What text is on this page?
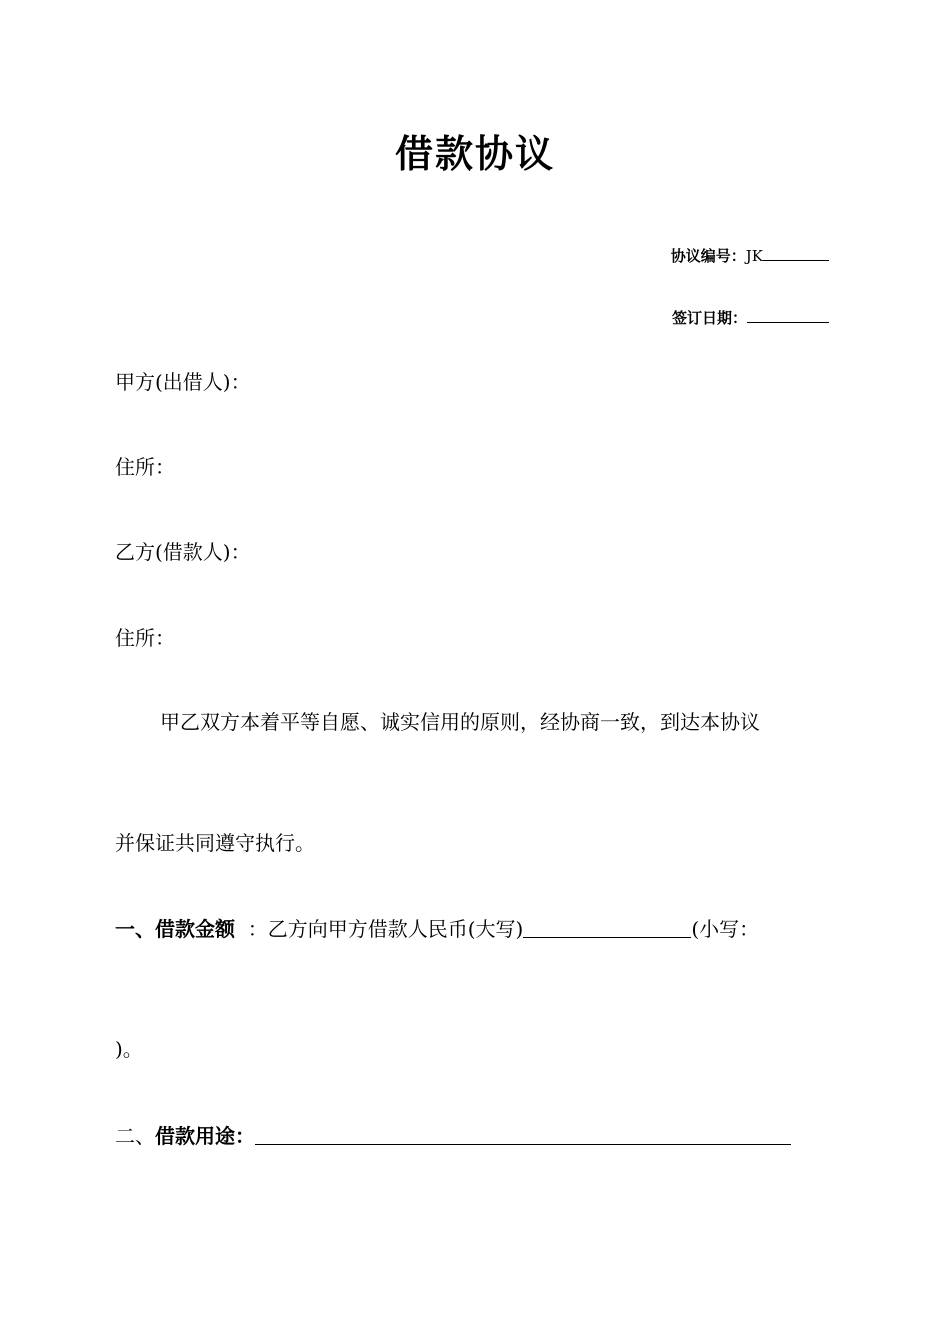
借款协议
协议编号：JK
签订日期：
甲方(出借人)：
住所：
乙方(借款人)：
住所：
甲乙双方本着平等自愿、诚实信用的原则，经协商一致，到达本协议
并保证共同遵守执行。
一、借款金额 ：乙方向甲方借款人民币(大写)	(小写：
)。
二、借款用途：
